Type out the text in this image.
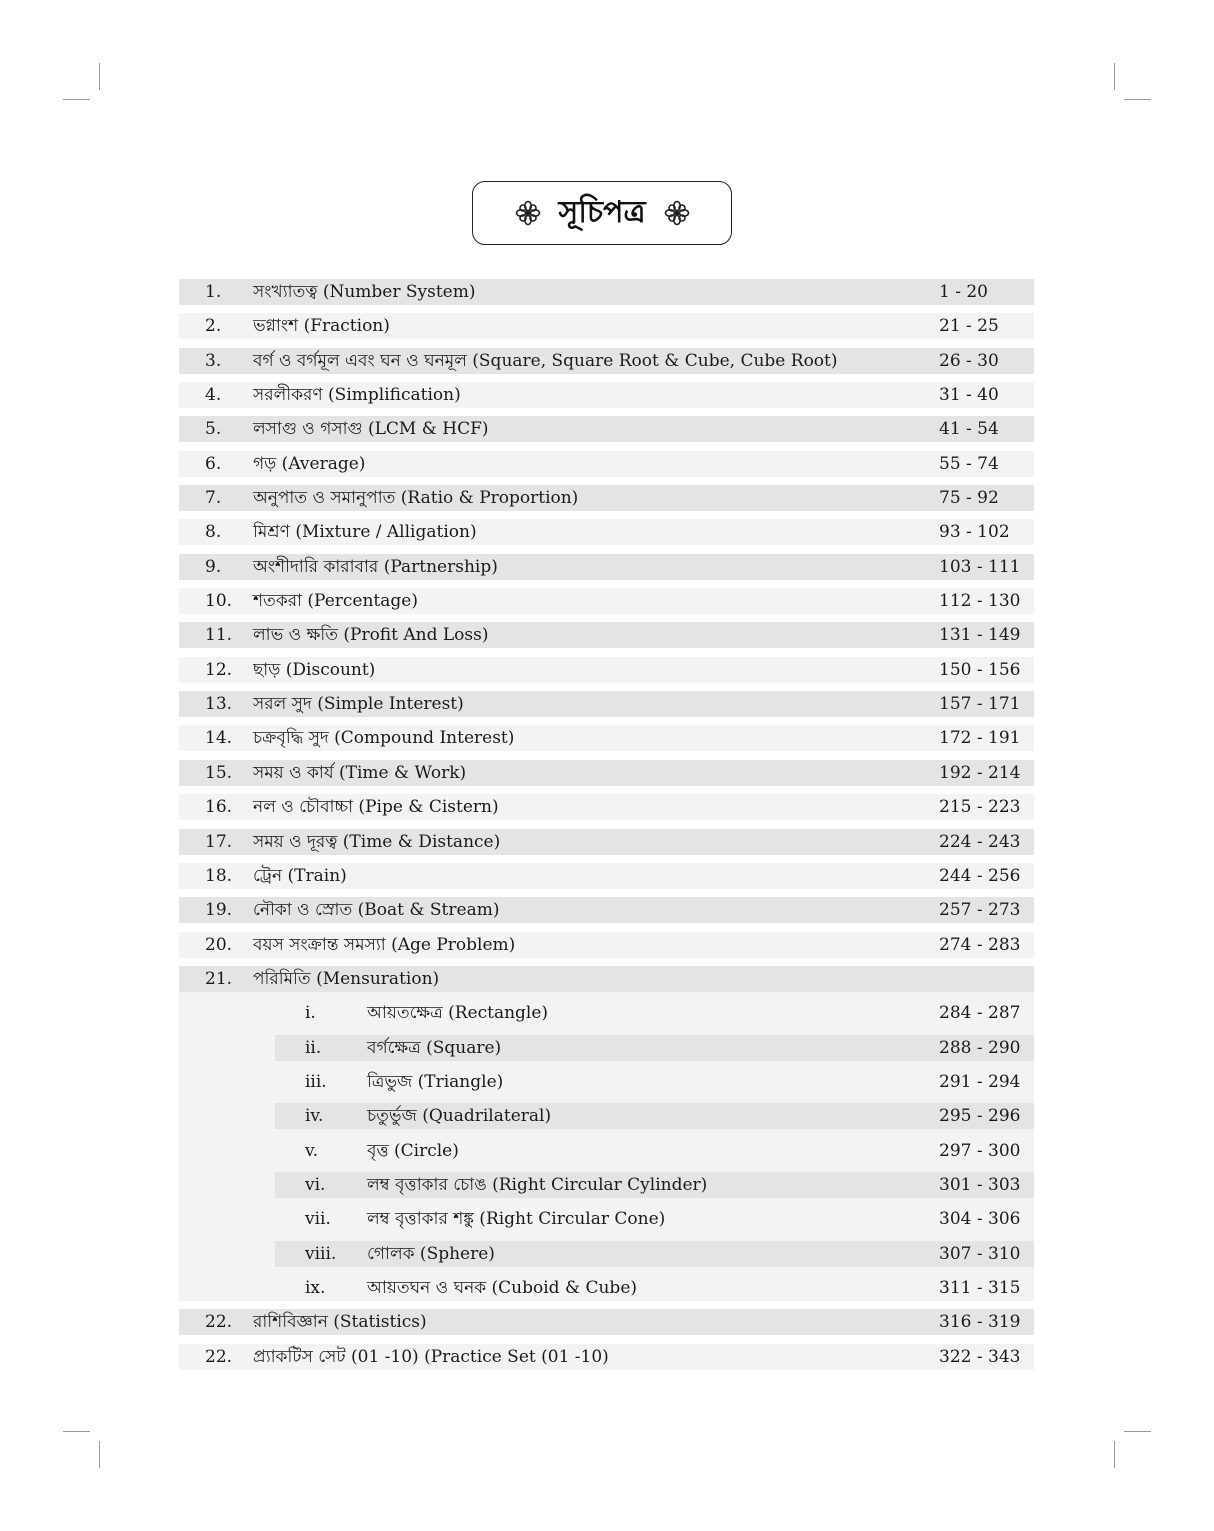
সূচিপত্র
1. সংখ্যাতত্ব (Number System)	1 - 20
2. ভগ্নাংশ (Fraction)	21 - 25
3. বর্গ ও বর্গমূল এবং ঘন ও ঘনমূল (Square, Square Root & Cube, Cube Root)	26 - 30
4. সরলীকরণ (Simplification)	31 - 40
5. লসাগু ও গসাগু (LCM & HCF)	41 - 54
6. গড় (Average)	55 - 74
7. অনুপাত ও সমানুপাত (Ratio & Proportion)	75 - 92
8. মিশ্রণ (Mixture / Alligation)	93 - 102
9. অংশীদারি কারাবার (Partnership)	103 - 111
10. শতকরা (Percentage)	112 - 130
11. লাভ ও ক্ষতি (Profit And Loss)	131 - 149
12. ছাড় (Discount)	150 - 156
13. সরল সুদ (Simple Interest)	157 - 171
14. চক্রবৃদ্ধি সুদ (Compound Interest)	172 - 191
15. সময় ও কার্য (Time & Work)	192 - 214
16. নল ও চৌবাচ্চা (Pipe & Cistern)	215 - 223
17. সময় ও দূরত্ব (Time & Distance)	224 - 243
18. ট্রেন (Train)	244 - 256
19. নৌকা ও স্রোত (Boat & Stream)	257 - 273
20. বয়স সংক্রান্ত সমস্যা (Age Problem)	274 - 283
21. পরিমিতি (Mensuration)
i.	আয়তক্ষেত্র (Rectangle)	284 - 287
ii.	বর্গক্ষেত্র (Square)	288 - 290
iii. ত্রিভুজ (Triangle)	291 - 294
iv.	চতুর্ভুজ (Quadrilateral)	295 - 296
v.	বৃত্ত (Circle)	297 - 300
vi. লম্ব বৃত্তাকার চোঙ (Right Circular Cylinder)	301 - 303
vii. লম্ব বৃত্তাকার শঙ্কু (Right Circular Cone)	304 - 306
viii. গোলক (Sphere)	307 - 310
ix. আয়তঘন ও ঘনক (Cuboid & Cube)	311 - 315
22. রাশিবিজ্ঞান (Statistics)	316 - 319
22. প্র্যাকটিস সেট (01 -10) (Practice Set (01 -10)	322 - 343
